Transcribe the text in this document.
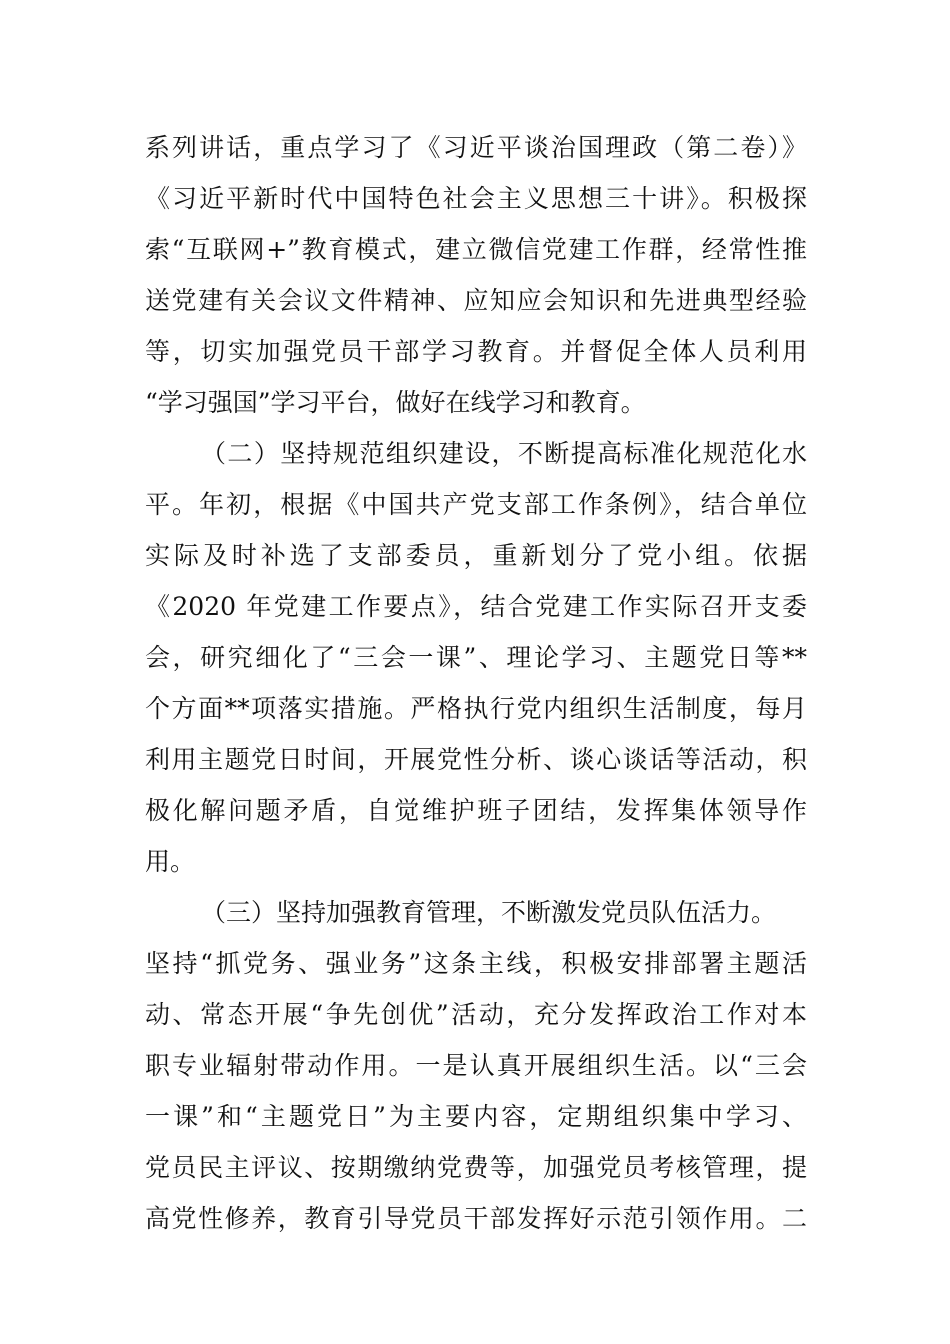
系列讲话，重点学习了《习近平谈治国理政（第二卷）》
《习近平新时代中国特色社会主义思想三十讲》。积极探
索“互联网+”教育模式，建立微信党建工作群，经常性推
送党建有关会议文件精神、应知应会知识和先进典型经验
等，切实加强党员干部学习教育。并督促全体人员利用
“学习强国”学习平台，做好在线学习和教育。
（二）坚持规范组织建设，不断提高标准化规范化水
平。年初，根据《中国共产党支部工作条例》，结合单位
实际及时补选了支部委员，重新划分了党小组。依据
《2020 年党建工作要点》，结合党建工作实际召开支委
会，研究细化了“三会一课”、理论学习、主题党日等**
个方面**项落实措施。严格执行党内组织生活制度，每月
利用主题党日时间，开展党性分析、谈心谈话等活动，积
极化解问题矛盾，自觉维护班子团结，发挥集体领导作
用。
（三）坚持加强教育管理，不断激发党员队伍活力。
坚持“抓党务、强业务”这条主线，积极安排部署主题活
动、常态开展“争先创优”活动，充分发挥政治工作对本
职专业辐射带动作用。一是认真开展组织生活。以“三会
一课”和“主题党日”为主要内容，定期组织集中学习、
党员民主评议、按期缴纳党费等，加强党员考核管理，提
高党性修养，教育引导党员干部发挥好示范引领作用。二
